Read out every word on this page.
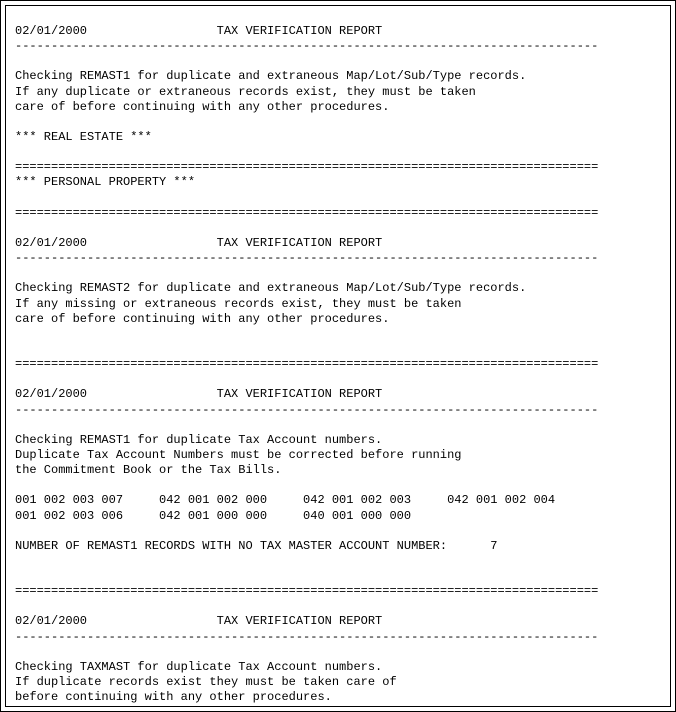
02/01/2000                  TAX VERIFICATION REPORT
---------------------------------------------------------------------------------
Checking REMAST1 for duplicate and extraneous Map/Lot/Sub/Type records.
If any duplicate or extraneous records exist, they must be taken
care of before continuing with any other procedures.
*** REAL ESTATE ***
=================================================================================
*** PERSONAL PROPERTY ***
=================================================================================
02/01/2000                  TAX VERIFICATION REPORT
---------------------------------------------------------------------------------
Checking REMAST2 for duplicate and extraneous Map/Lot/Sub/Type records.
If any missing or extraneous records exist, they must be taken
care of before continuing with any other procedures.
=================================================================================
02/01/2000                  TAX VERIFICATION REPORT
---------------------------------------------------------------------------------
Checking REMAST1 for duplicate Tax Account numbers.
Duplicate Tax Account Numbers must be corrected before running
the Commitment Book or the Tax Bills.
001 002 003 007     042 001 002 000     042 001 002 003     042 001 002 004
001 002 003 006     042 001 000 000     040 001 000 000
NUMBER OF REMAST1 RECORDS WITH NO TAX MASTER ACCOUNT NUMBER:      7
=================================================================================
02/01/2000                  TAX VERIFICATION REPORT
---------------------------------------------------------------------------------
Checking TAXMAST for duplicate Tax Account numbers.
If duplicate records exist they must be taken care of
before continuing with any other procedures.
